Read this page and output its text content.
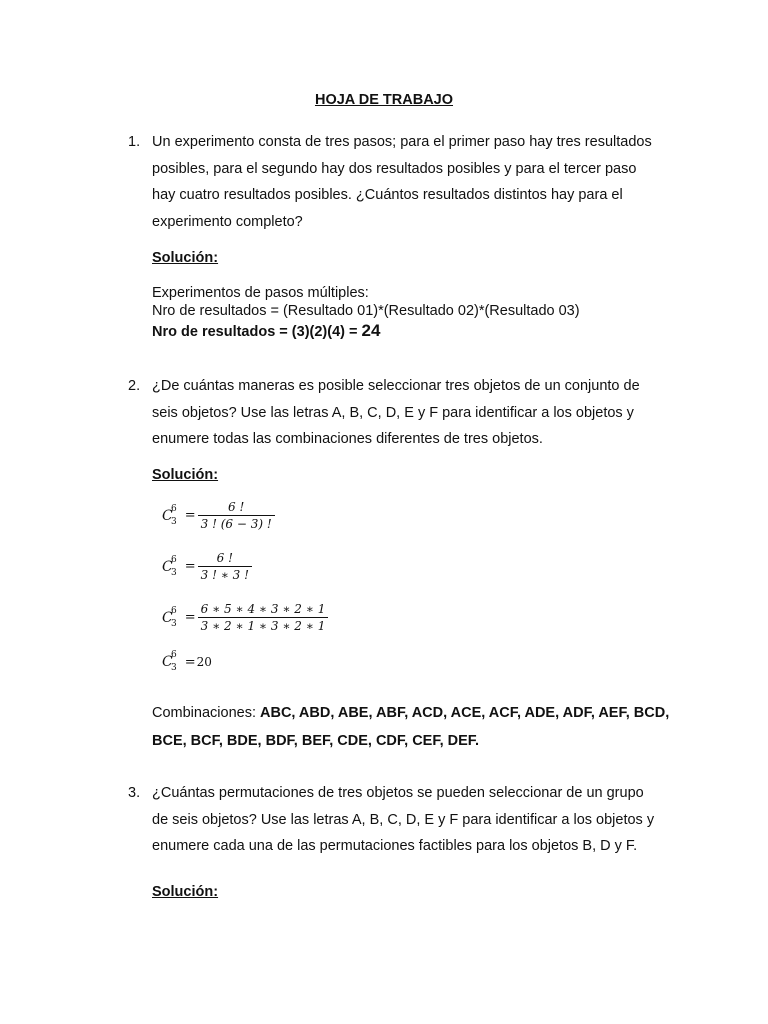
HOJA DE TRABAJO
1. Un experimento consta de tres pasos; para el primer paso hay tres resultados posibles, para el segundo hay dos resultados posibles y para el tercer paso hay cuatro resultados posibles. ¿Cuántos resultados distintos hay para el experimento completo?
Solución:
Experimentos de pasos múltiples:
Nro de resultados = (Resultado 01)*(Resultado 02)*(Resultado 03)
Nro de resultados = (3)(2)(4) = 24
2. ¿De cuántas maneras es posible seleccionar tres objetos de un conjunto de seis objetos? Use las letras A, B, C, D, E y F para identificar a los objetos y enumere todas las combinaciones diferentes de tres objetos.
Solución:
C
6
$3 = \frac{6 !}{3 ! (6 - 3) !}$
C
6
$3 = \frac{6 !}{3 ! ∗ 3 !}$
C
6
$3 = \frac{6 ∗ 5 ∗ 4 ∗ 3 ∗ 2 ∗ 1}{3 ∗ 2 ∗ 1 ∗ 3 ∗ 2 ∗ 1}$
C
6
3 = 20
Combinaciones: ABC, ABD, ABE, ABF, ACD, ACE, ACF, ADE, ADF, AEF, BCD, BCE, BCF, BDE, BDF, BEF, CDE, CDF, CEF, DEF.
3. ¿Cuántas permutaciones de tres objetos se pueden seleccionar de un grupo de seis objetos? Use las letras A, B, C, D, E y F para identificar a los objetos y enumere cada una de las permutaciones factibles para los objetos B, D y F.
Solución:
